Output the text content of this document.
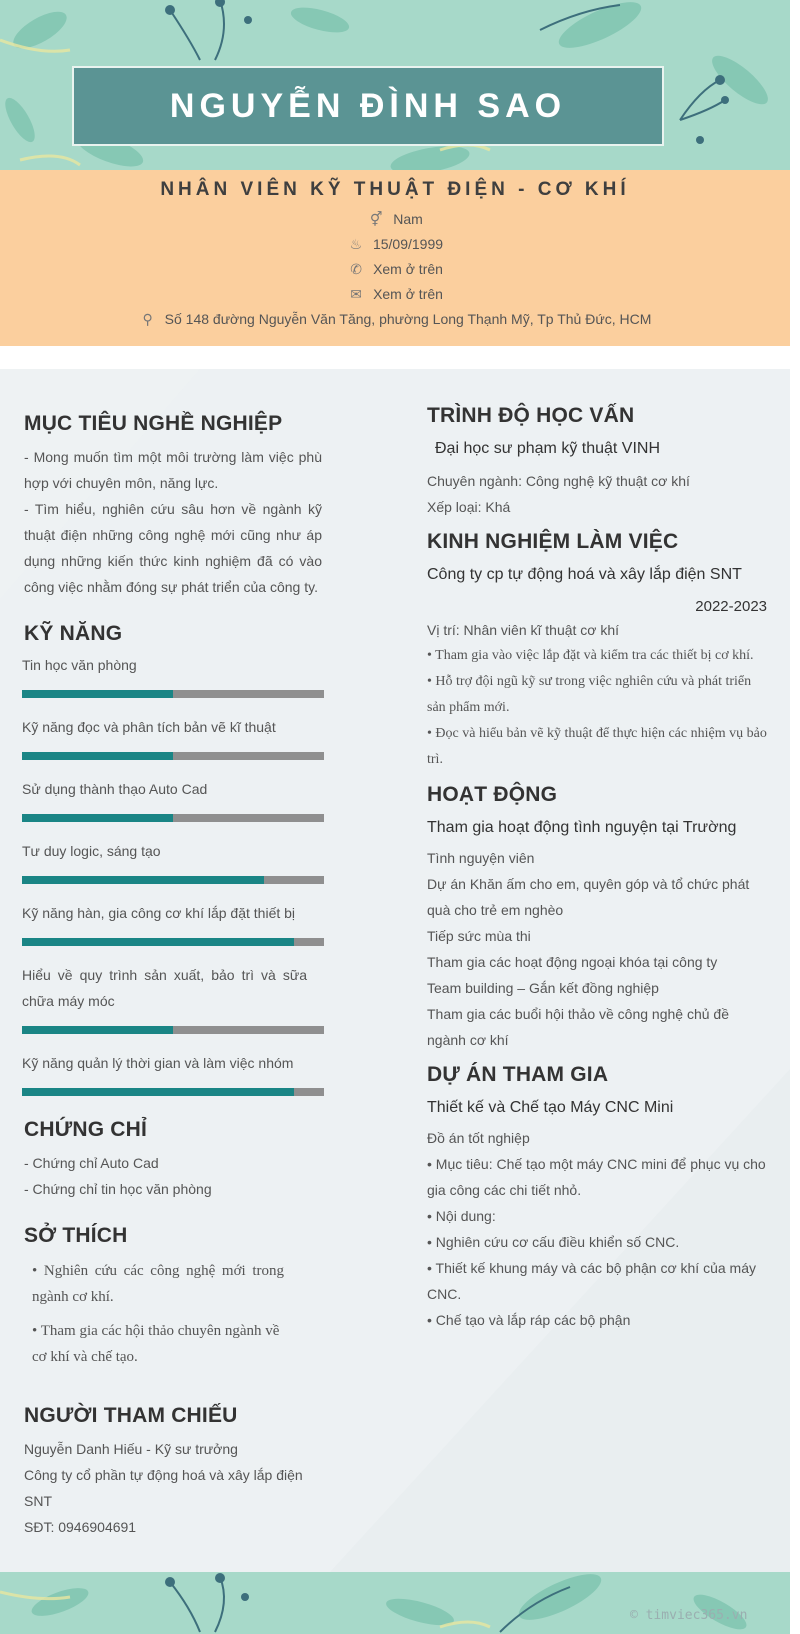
NGUYỄN ĐÌNH SAO
NHÂN VIÊN KỸ THUẬT ĐIỆN - CƠ KHÍ
⚥ Nam
♨ 15/09/1999
✆ Xem ở trên
✉ Xem ở trên
⚲ Số 148 đường Nguyễn Văn Tăng, phường Long Thạnh Mỹ, Tp Thủ Đức, HCM
MỤC TIÊU NGHỀ NGHIỆP

- Mong muốn tìm một môi trường làm việc phù hợp với chuyên môn, năng lực.

- Tìm hiểu, nghiên cứu sâu hơn về ngành kỹ thuật điện những công nghệ mới cũng như áp dụng những kiến thức kinh nghiệm đã có vào công việc nhằm đóng sự phát triển của công ty.

KỸ NĂNG
Tin học văn phòng
Kỹ năng đọc và phân tích bản vẽ kĩ thuật
Sử dụng thành thạo Auto Cad
Tư duy logic, sáng tạo
Kỹ năng hàn, gia công cơ khí lắp đặt thiết bị
Hiểu về quy trình sản xuất, bảo trì và sữa chữa máy móc
Kỹ năng quản lý thời gian và làm việc nhóm
CHỨNG CHỈ

- Chứng chỉ Auto Cad

- Chứng chỉ tin học văn phòng

SỞ THÍCH

• Nghiên cứu các công nghệ mới trong ngành cơ khí.

• Tham gia các hội thảo chuyên ngành về cơ khí và chế tạo.

NGƯỜI THAM CHIẾU

Nguyễn Danh Hiếu - Kỹ sư trưởng

Công ty cổ phần tự động hoá và xây lắp điện SNT

SĐT: 0946904691

TRÌNH ĐỘ HỌC VẤN
Đại học sư phạm kỹ thuật VINH

Chuyên ngành: Công nghệ kỹ thuật cơ khí

Xếp loại: Khá

KINH NGHIỆM LÀM VIỆC
Công ty cp tự động hoá và xây lắp điện SNT
2022-2023

Vị trí: Nhân viên kĩ thuật cơ khí

• Tham gia vào việc lắp đặt và kiểm tra các thiết bị cơ khí.

• Hỗ trợ đội ngũ kỹ sư trong việc nghiên cứu và phát triển sản phẩm mới.

• Đọc và hiểu bản vẽ kỹ thuật để thực hiện các nhiệm vụ bảo trì.

HOẠT ĐỘNG
Tham gia hoạt động tình nguyện tại Trường

Tình nguyện viên

Dự án Khăn ấm cho em, quyên góp và tổ chức phát quà cho trẻ em nghèo

Tiếp sức mùa thi

Tham gia các hoạt động ngoại khóa tại công ty

Team building – Gắn kết đồng nghiệp

Tham gia các buổi hội thảo về công nghệ chủ đề ngành cơ khí

DỰ ÁN THAM GIA
Thiết kế và Chế tạo Máy CNC Mini

Đồ án tốt nghiệp

• Mục tiêu: Chế tạo một máy CNC mini để phục vụ cho gia công các chi tiết nhỏ.

• Nội dung:

• Nghiên cứu cơ cấu điều khiển số CNC.

• Thiết kế khung máy và các bộ phận cơ khí của máy CNC.

• Chế tạo và lắp ráp các bộ phận

© timviec365.vn
